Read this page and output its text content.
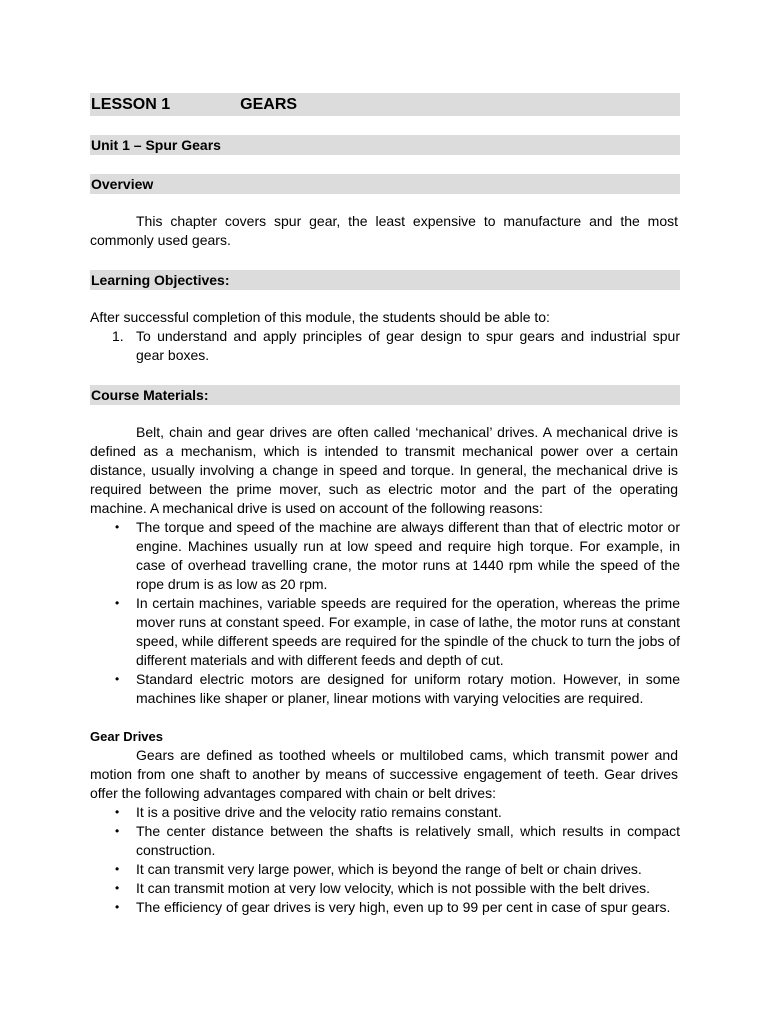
LESSON 1	GEARS
Unit 1 – Spur Gears
Overview
This chapter covers spur gear, the least expensive to manufacture and the most commonly used gears.
Learning Objectives:
After successful completion of this module, the students should be able to:
1. To understand and apply principles of gear design to spur gears and industrial spur gear boxes.
Course Materials:
Belt, chain and gear drives are often called ‘mechanical’ drives. A mechanical drive is defined as a mechanism, which is intended to transmit mechanical power over a certain distance, usually involving a change in speed and torque. In general, the mechanical drive is required between the prime mover, such as electric motor and the part of the operating machine. A mechanical drive is used on account of the following reasons:
• The torque and speed of the machine are always different than that of electric motor or engine. Machines usually run at low speed and require high torque. For example, in case of overhead travelling crane, the motor runs at 1440 rpm while the speed of the rope drum is as low as 20 rpm.
• In certain machines, variable speeds are required for the operation, whereas the prime mover runs at constant speed. For example, in case of lathe, the motor runs at constant speed, while different speeds are required for the spindle of the chuck to turn the jobs of different materials and with different feeds and depth of cut.
• Standard electric motors are designed for uniform rotary motion. However, in some machines like shaper or planer, linear motions with varying velocities are required.
Gear Drives
Gears are defined as toothed wheels or multilobed cams, which transmit power and motion from one shaft to another by means of successive engagement of teeth. Gear drives offer the following advantages compared with chain or belt drives:
• It is a positive drive and the velocity ratio remains constant.
• The center distance between the shafts is relatively small, which results in compact construction.
• It can transmit very large power, which is beyond the range of belt or chain drives.
• It can transmit motion at very low velocity, which is not possible with the belt drives.
• The efficiency of gear drives is very high, even up to 99 per cent in case of spur gears.
